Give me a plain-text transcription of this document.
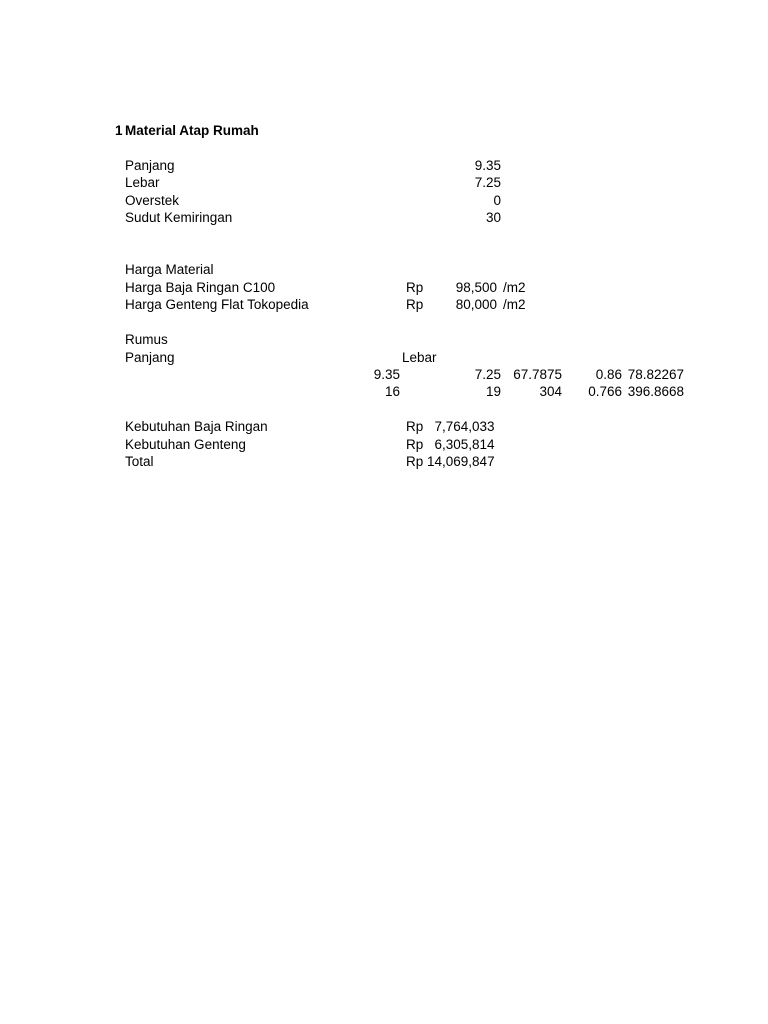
1 Material Atap Rumah
Panjang	9.35
Lebar	7.25
Overstek	0
Sudut Kemiringan	30
Harga Material
Harga Baja Ringan C100	Rp	98,500 /m2
Harga Genteng Flat Tokopedia	Rp	80,000 /m2
Rumus
Panjang	Lebar
9.35	7.25 67.7875	0.86 78.82267
16	19	304	0.766 396.8668
Kebutuhan Baja Ringan	Rp   7,764,033
Kebutuhan Genteng	Rp   6,305,814
Total	Rp 14,069,847
